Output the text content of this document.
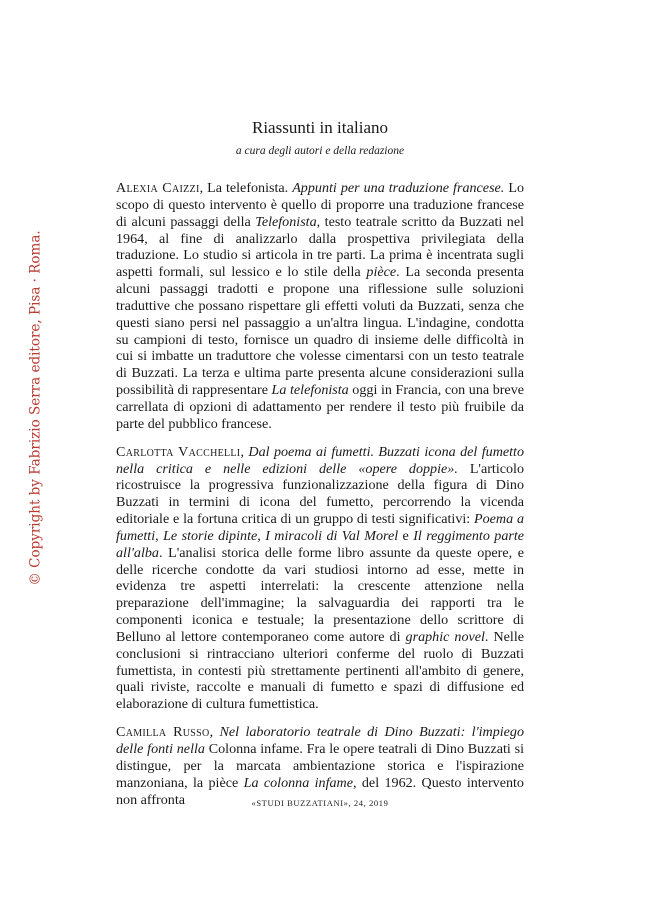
© Copyright by Fabrizio Serra editore, Pisa · Roma.
Riassunti in italiano
a cura degli autori e della redazione

Alexia Caizzi, La telefonista. Appunti per una traduzione francese. Lo scopo di questo intervento è quello di proporre una traduzione francese di alcuni passaggi della Telefonista, testo teatrale scritto da Buzzati nel 1964, al fine di analizzarlo dalla prospettiva privilegiata della traduzione. Lo studio si articola in tre parti. La prima è incentrata sugli aspetti formali, sul lessico e lo stile della pièce. La seconda presenta alcuni passaggi tradotti e propone una riflessione sulle soluzioni traduttive che possano rispettare gli effetti voluti da Buzzati, senza che questi siano persi nel passaggio a un'altra lingua. L'indagine, condotta su campioni di testo, fornisce un quadro di insieme delle difficoltà in cui si imbatte un traduttore che volesse cimentarsi con un testo teatrale di Buzzati. La terza e ultima parte presenta alcune considerazioni sulla possibilità di rappresentare La telefonista oggi in Francia, con una breve carrellata di opzioni di adattamento per rendere il testo più fruibile da parte del pubblico francese.

Carlotta Vacchelli, Dal poema ai fumetti. Buzzati icona del fumetto nella critica e nelle edizioni delle «opere doppie». L'articolo ricostruisce la progressiva funzionalizzazione della figura di Dino Buzzati in termini di icona del fumetto, percorrendo la vicenda editoriale e la fortuna critica di un gruppo di testi significativi: Poema a fumetti, Le storie dipinte, I miracoli di Val Morel e Il reggimento parte all'alba. L'analisi storica delle forme libro assunte da queste opere, e delle ricerche condotte da vari studiosi intorno ad esse, mette in evidenza tre aspetti interrelati: la crescente attenzione nella preparazione dell'immagine; la salvaguardia dei rapporti tra le componenti iconica e testuale; la presentazione dello scrittore di Belluno al lettore contemporaneo come autore di graphic novel. Nelle conclusioni si rintracciano ulteriori conferme del ruolo di Buzzati fumettista, in contesti più strettamente pertinenti all'ambito di genere, quali riviste, raccolte e manuali di fumetto e spazi di diffusione ed elaborazione di cultura fumettistica.

Camilla Russo, Nel laboratorio teatrale di Dino Buzzati: l'impiego delle fonti nella Colonna infame. Fra le opere teatrali di Dino Buzzati si distingue, per la marcata ambientazione storica e l'ispirazione manzoniana, la pièce La colonna infame, del 1962. Questo intervento non affronta	«STUDI BUZZATIANI», 24, 2019
